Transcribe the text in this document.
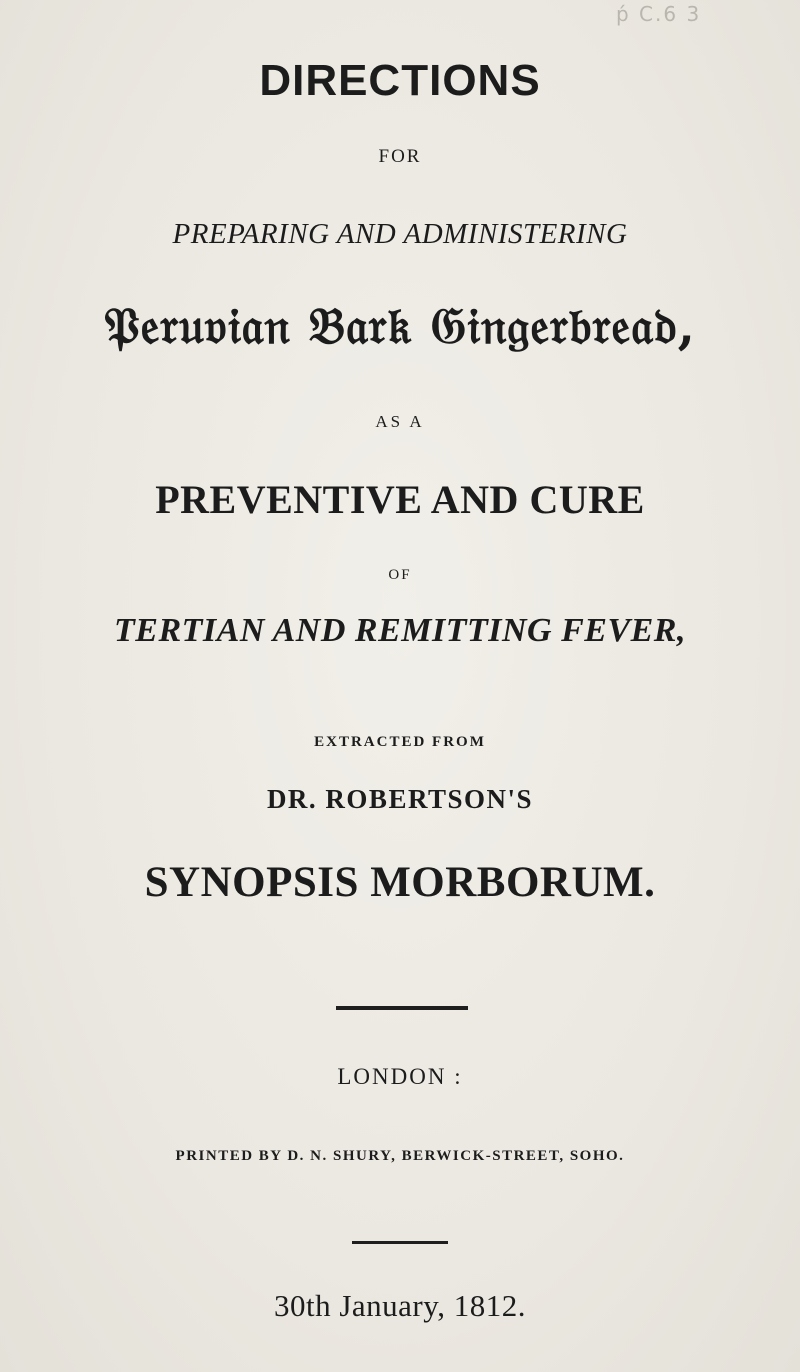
ṕ C.6 3
DIRECTIONS
FOR
PREPARING AND ADMINISTERING
𝔓𝔢𝔯𝔲𝔳𝔦𝔞𝔫 𝔅𝔞𝔯𝔨 𝔊𝔦𝔫𝔤𝔢𝔯𝔟𝔯𝔢𝔞𝔡,
AS A
PREVENTIVE AND CURE
OF
TERTIAN AND REMITTING FEVER,
EXTRACTED FROM
DR. ROBERTSON'S
SYNOPSIS MORBORUM.
LONDON :
PRINTED BY D. N. SHURY, BERWICK-STREET, SOHO.
30th January, 1812.
